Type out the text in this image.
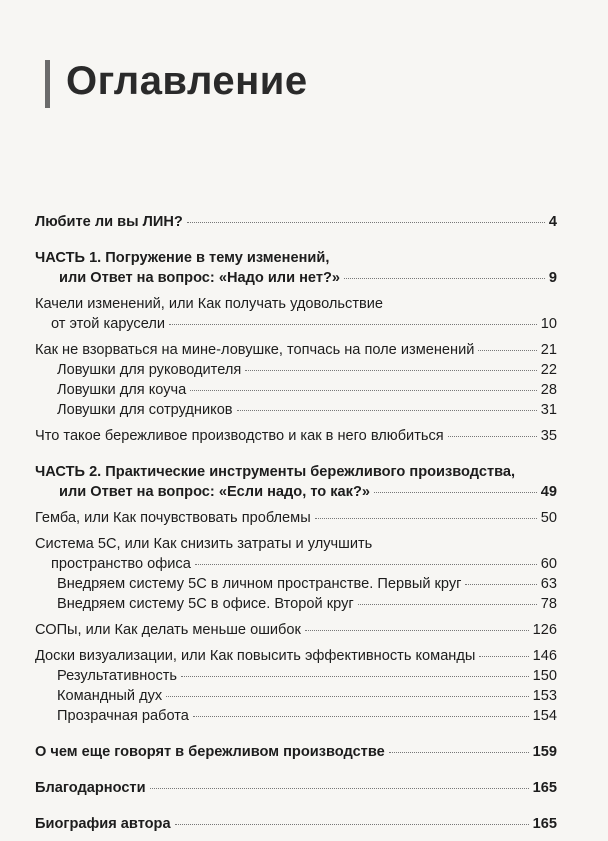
Оглавление
Любите ли вы ЛИН?	4
ЧАСТЬ 1. Погружение в тему изменений,
или Ответ на вопрос: «Надо или нет?»	9
Качели изменений, или Как получать удовольствие
от этой карусели	10
Как не взорваться на мине-ловушке, топчась на поле изменений	21
Ловушки для руководителя	22
Ловушки для коуча	28
Ловушки для сотрудников	31
Что такое бережливое производство и как в него влюбиться	35
ЧАСТЬ 2. Практические инструменты бережливого производства,
или Ответ на вопрос: «Если надо, то как?»	49
Гемба, или Как почувствовать проблемы	50
Система 5С, или Как снизить затраты и улучшить
пространство офиса	60
Внедряем систему 5С в личном пространстве. Первый круг	63
Внедряем систему 5С в офисе. Второй круг	78
СОПы, или Как делать меньше ошибок	126
Доски визуализации, или Как повысить эффективность команды	146
Результативность	150
Командный дух	153
Прозрачная работа	154
О чем еще говорят в бережливом производстве	159
Благодарности	165
Биография автора	165
